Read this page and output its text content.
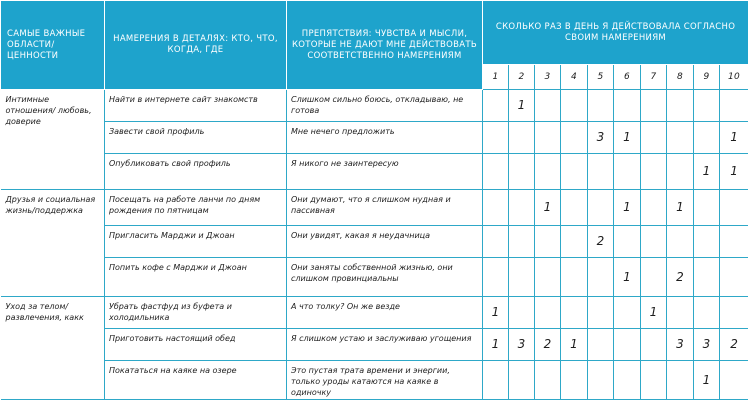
САМЫЕ ВАЖНЫЕ ОБЛАСТИ/ ЦЕННОСТИ	НАМЕРЕНИЯ В ДЕТАЛЯХ: КТО, ЧТО, КОГДА, ГДЕ	ПРЕПЯТСТВИЯ: ЧУВСТВА И МЫСЛИ, КОТОРЫЕ НЕ ДАЮТ МНЕ ДЕЙСТВОВАТЬ СООТВЕТСТВЕННО НАМЕРЕНИЯМ	СКОЛЬКО РАЗ В ДЕНЬ Я ДЕЙСТВОВАЛА СОГЛАСНО СВОИМ НАМЕРЕНИЯМ									
			1	2	3	4	5	6	7	8	9	10
Интимные отношения/ любовь, доверие	Найти в интернете сайт знакомств	Слишком сильно боюсь, откладываю, не готова		1								
	Завести свой профиль	Мне нечего предложить					3	1				1
	Опубликовать свой профиль	Я никого не заинтересую									1	1
Друзья и социальная жизнь/поддержка	Посещать на работе ланчи по дням рождения по пятницам	Они думают, что я слишком нудная и пассивная			1			1		1		
	Пригласить Марджи и Джоан	Они увидят, какая я неудачница					2					
	Попить кофе с Марджи и Джоан	Они заняты собственной жизнью, они слишком провинциальны						1		2		
Уход за телом/ развлечения, какк	Убрать фастфуд из буфета и холодильника	А что толку? Он же везде	1						1			
	Приготовить настоящий обед	Я слишком устаю и заслуживаю угощения	1	3	2	1				3	3	2
	Покататься на каяке на озере	Это пустая трата времени и энергии, только уроды катаются на каяке в одиночку									1	
